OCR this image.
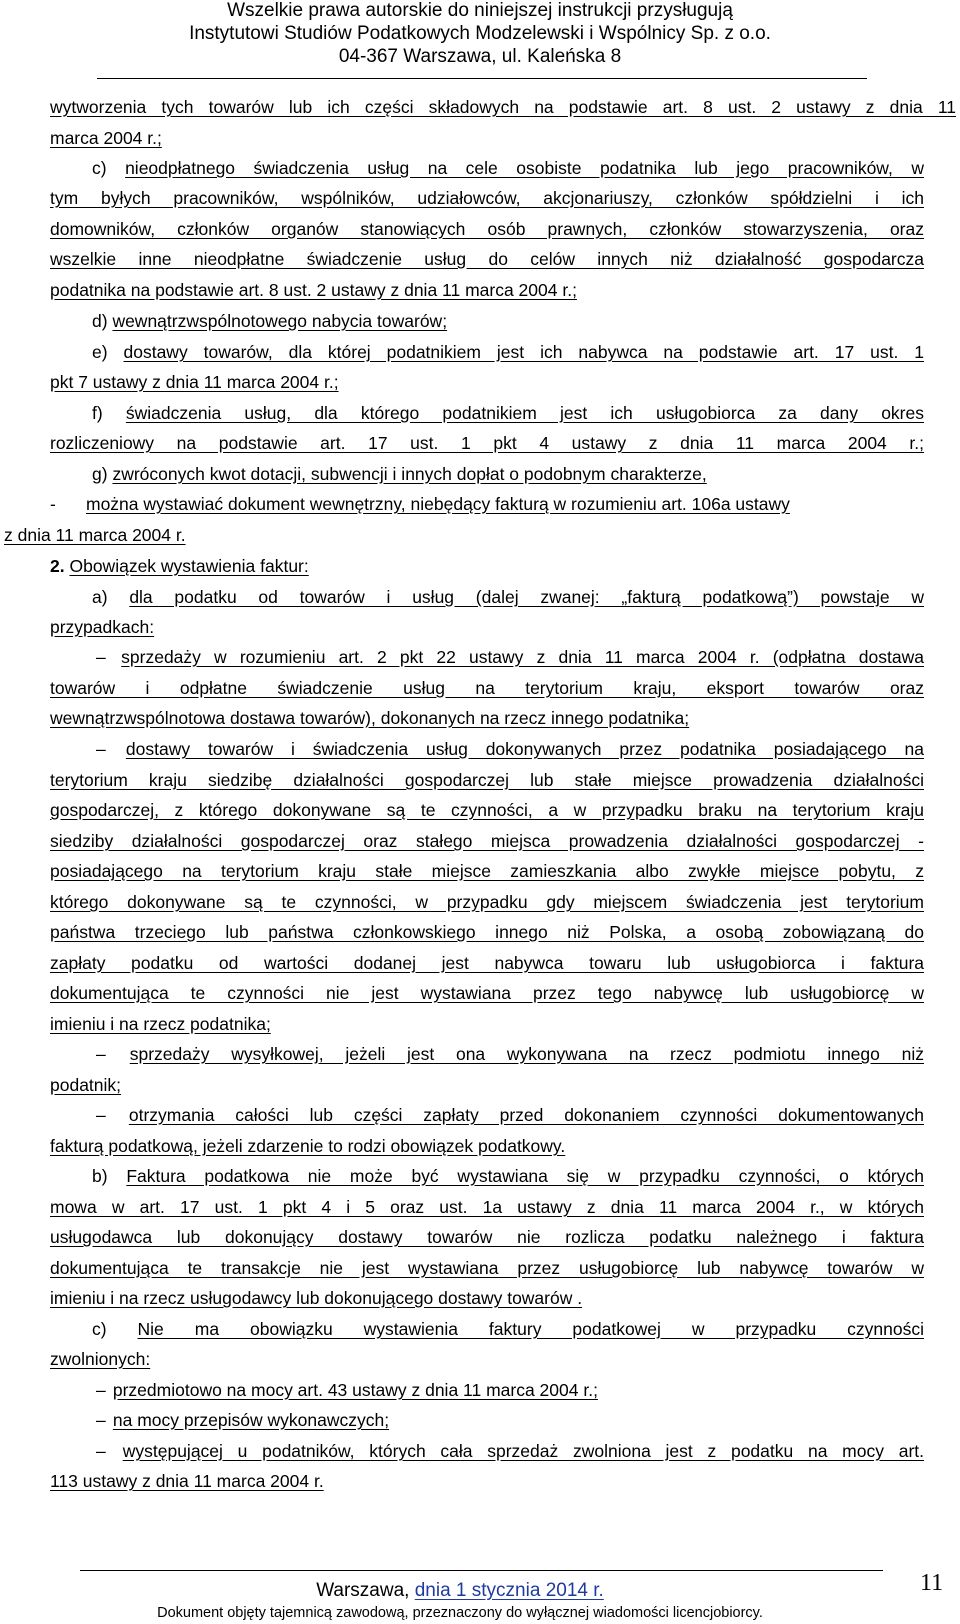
Wszelkie prawa autorskie do niniejszej instrukcji przysługują
Instytutowi Studiów Podatkowych Modzelewski i Wspólnicy Sp. z o.o.
04-367 Warszawa, ul. Kaleńska 8
wytworzenia tych towarów lub ich części składowych na podstawie art. 8 ust. 2 ustawy z dnia 11
marca 2004 r.;
c) nieodpłatnego świadczenia usług na cele osobiste podatnika lub jego pracowników, w
tym byłych pracowników, wspólników, udziałowców, akcjonariuszy, członków spółdzielni i ich
domowników, członków organów stanowiących osób prawnych, członków stowarzyszenia, oraz
wszelkie inne nieodpłatne świadczenie usług do celów innych niż działalność gospodarcza
podatnika na podstawie art. 8 ust. 2 ustawy z dnia 11 marca 2004 r.;
d) wewnątrzwspólnotowego nabycia towarów;
e) dostawy towarów, dla której podatnikiem jest ich nabywca na podstawie art. 17 ust. 1
pkt 7 ustawy z dnia 11 marca 2004 r.;
f) świadczenia usług, dla którego podatnikiem jest ich usługobiorca za dany okres
rozliczeniowy na podstawie art. 17 ust. 1 pkt 4 ustawy z dnia 11 marca 2004 r.;
g) zwróconych kwot dotacji, subwencji i innych dopłat o podobnym charakterze,
- można wystawiać dokument wewnętrzny, niebędący fakturą w rozumieniu art. 106a ustawy
z dnia 11 marca 2004 r.
2. Obowiązek wystawienia faktur:
a) dla podatku od towarów i usług (dalej zwanej: „fakturą podatkową”) powstaje w
przypadkach:
– sprzedaży w rozumieniu art. 2 pkt 22 ustawy z dnia 11 marca 2004 r. (odpłatna dostawa
towarów i odpłatne świadczenie usług na terytorium kraju, eksport towarów oraz
wewnątrzwspólnotowa dostawa towarów), dokonanych na rzecz innego podatnika;
– dostawy towarów i świadczenia usług dokonywanych przez podatnika posiadającego na
terytorium kraju siedzibę działalności gospodarczej lub stałe miejsce prowadzenia działalności
gospodarczej, z którego dokonywane są te czynności, a w przypadku braku na terytorium kraju
siedziby działalności gospodarczej oraz stałego miejsca prowadzenia działalności gospodarczej -
posiadającego na terytorium kraju stałe miejsce zamieszkania albo zwykłe miejsce pobytu, z
którego dokonywane są te czynności, w przypadku gdy miejscem świadczenia jest terytorium
państwa trzeciego lub państwa członkowskiego innego niż Polska, a osobą zobowiązaną do
zapłaty podatku od wartości dodanej jest nabywca towaru lub usługobiorca i faktura
dokumentująca te czynności nie jest wystawiana przez tego nabywcę lub usługobiorcę w
imieniu i na rzecz podatnika;
– sprzedaży wysyłkowej, jeżeli jest ona wykonywana na rzecz podmiotu innego niż
podatnik;
– otrzymania całości lub części zapłaty przed dokonaniem czynności dokumentowanych
fakturą podatkową, jeżeli zdarzenie to rodzi obowiązek podatkowy.
b) Faktura podatkowa nie może być wystawiana się w przypadku czynności, o których
mowa w art. 17 ust. 1 pkt 4 i 5 oraz ust. 1a ustawy z dnia 11 marca 2004 r., w których
usługodawca lub dokonujący dostawy towarów nie rozlicza podatku należnego i faktura
dokumentująca te transakcje nie jest wystawiana przez usługobiorcę lub nabywcę towarów w
imieniu i na rzecz usługodawcy lub dokonującego dostawy towarów .
c) Nie ma obowiązku wystawienia faktury podatkowej w przypadku czynności
zwolnionych:
– przedmiotowo na mocy art. 43 ustawy z dnia 11 marca 2004 r.;
– na mocy przepisów wykonawczych;
– występującej u podatników, których cała sprzedaż zwolniona jest z podatku na mocy art.
113 ustawy z dnia 11 marca 2004 r.
Warszawa, dnia 1 stycznia 2014 r.
Dokument objęty tajemnicą zawodową, przeznaczony do wyłącznej wiadomości licencjobiorcy.
11
